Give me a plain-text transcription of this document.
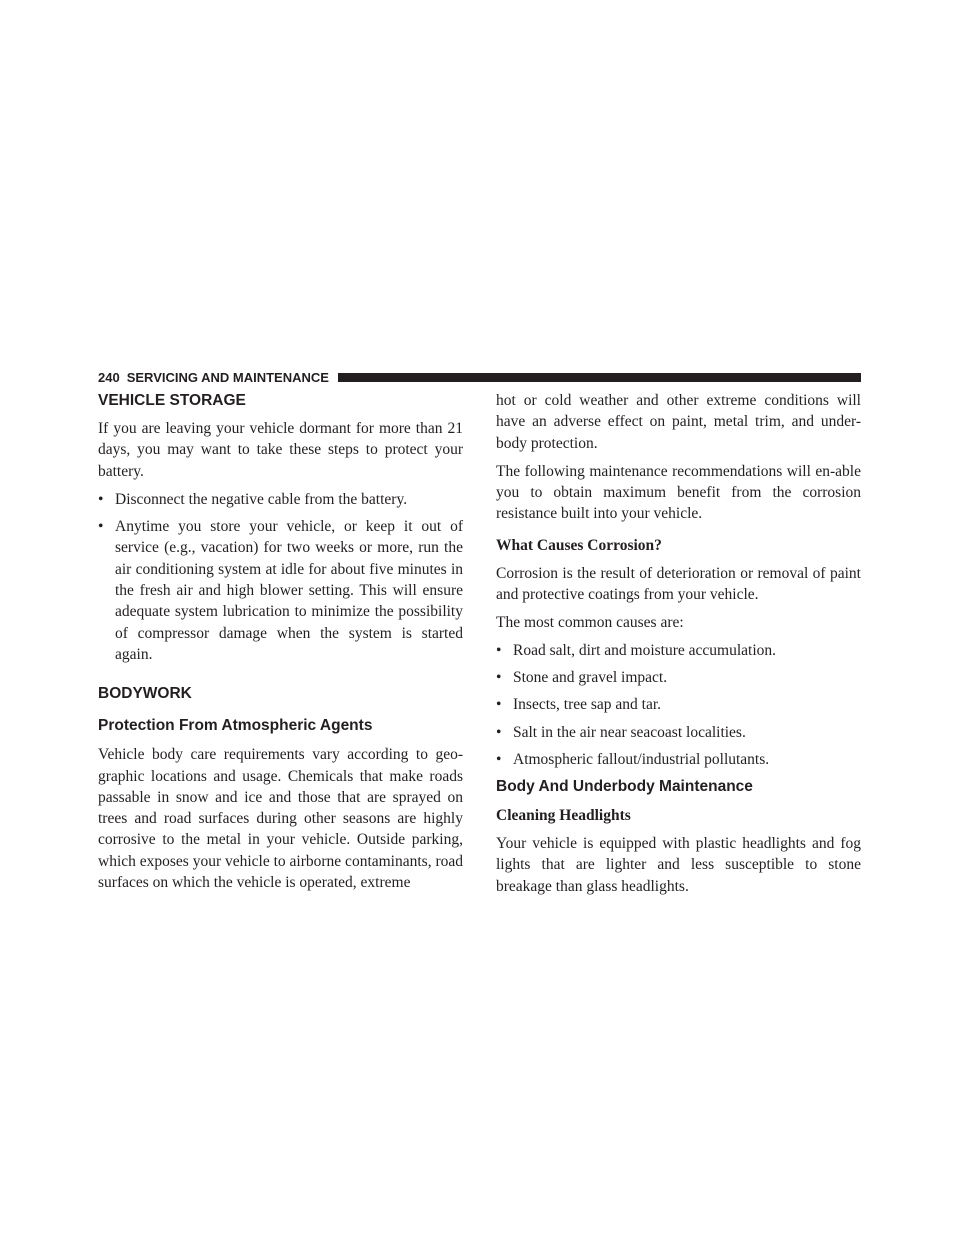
240 SERVICING AND MAINTENANCE
VEHICLE STORAGE

If you are leaving your vehicle dormant for more than 21 days, you may want to take these steps to protect your battery.

• Disconnect the negative cable from the battery.
• Anytime you store your vehicle, or keep it out of service (e.g., vacation) for two weeks or more, run the air conditioning system at idle for about five minutes in the fresh air and high blower setting. This will ensure adequate system lubrication to minimize the possibility of compressor damage when the system is started again.
BODYWORK
Protection From Atmospheric Agents

Vehicle body care requirements vary according to geo-graphic locations and usage. Chemicals that make roads passable in snow and ice and those that are sprayed on trees and road surfaces during other seasons are highly corrosive to the metal in your vehicle. Outside parking, which exposes your vehicle to airborne contaminants, road surfaces on which the vehicle is operated, extreme

hot or cold weather and other extreme conditions will have an adverse effect on paint, metal trim, and under-body protection.

The following maintenance recommendations will en-able you to obtain maximum benefit from the corrosion resistance built into your vehicle.

What Causes Corrosion?

Corrosion is the result of deterioration or removal of paint and protective coatings from your vehicle.

The most common causes are:

• Road salt, dirt and moisture accumulation.
• Stone and gravel impact.
• Insects, tree sap and tar.
• Salt in the air near seacoast localities.
• Atmospheric fallout/industrial pollutants.
Body And Underbody Maintenance
Cleaning Headlights

Your vehicle is equipped with plastic headlights and fog lights that are lighter and less susceptible to stone breakage than glass headlights.
